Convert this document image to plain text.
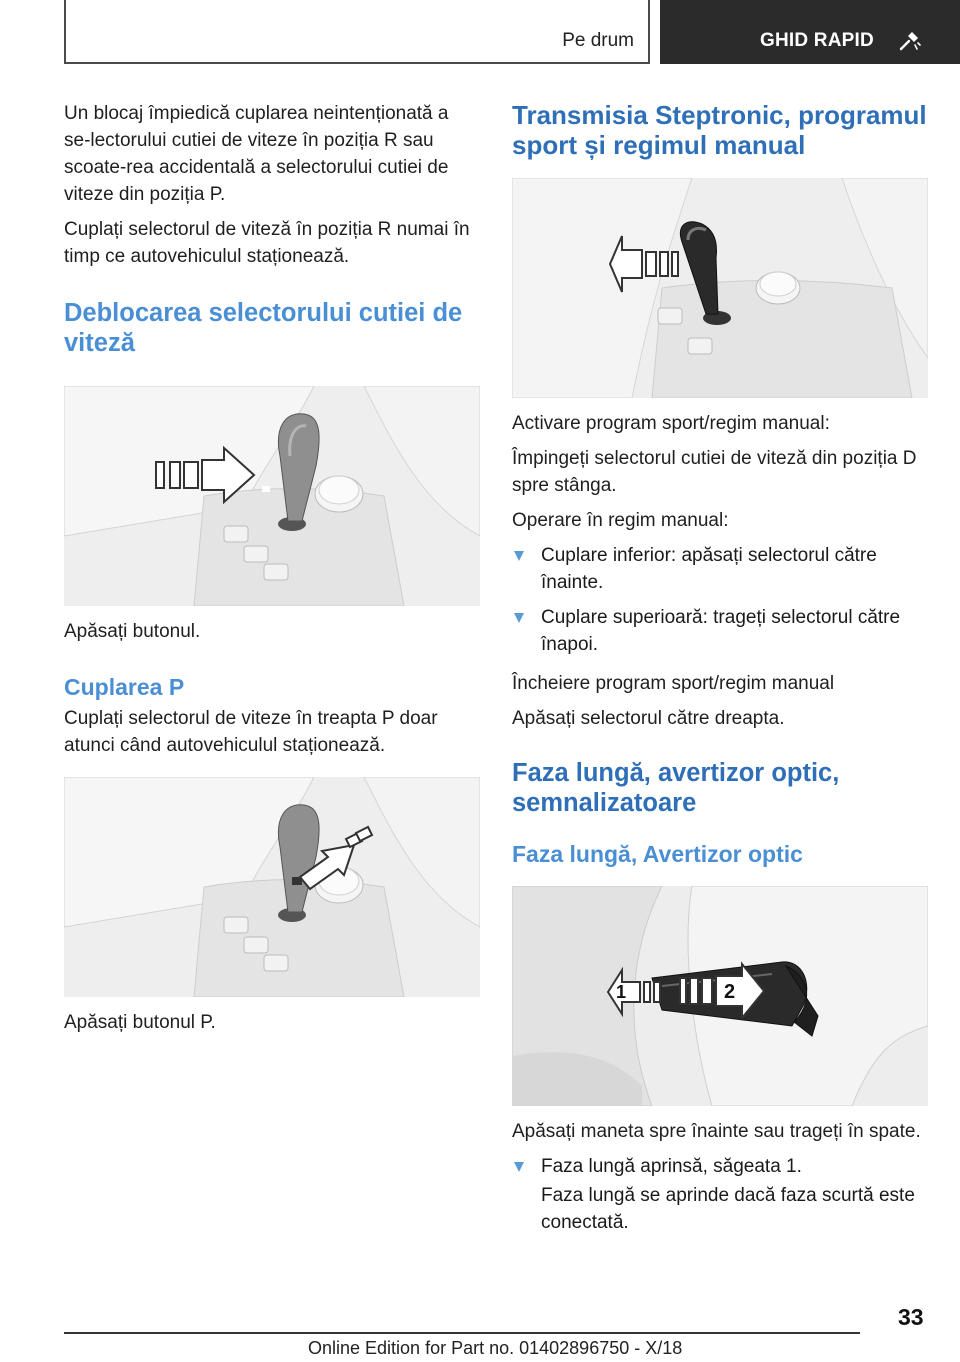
Pe drum	GHID RAPID

Un blocaj împiedică cuplarea neintenționată a se-lectorului cutiei de viteze în poziția R sau scoate-rea accidentală a selectorului cutiei de viteze din poziția P.

Cuplați selectorul de viteză în poziția R numai în timp ce autovehiculul staționează.

Deblocarea selectorului cutiei de viteză

Apăsați butonul.

Cuplarea P

Cuplați selectorul de viteze în treapta P doar atunci când autovehiculul staționează.

Apăsați butonul P.

Transmisia Steptronic, programul sport și regimul manual

Activare program sport/regim manual:

Împingeți selectorul cutiei de viteză din poziția D spre stânga.

Operare în regim manual:

Cuplare inferior: apăsați selectorul către înainte.
Cuplare superioară: trageți selectorul către înapoi.

Încheiere program sport/regim manual

Apăsați selectorul către dreapta.

Faza lungă, avertizor optic, semnalizatoare
Faza lungă, Avertizor optic
1	2

Apăsați maneta spre înainte sau trageți în spate.

Faza lungă aprinsă, săgeata 1.
Faza lungă se aprinde dacă faza scurtă este conectată.
33
Online Edition for Part no. 01402896750 - X/18
